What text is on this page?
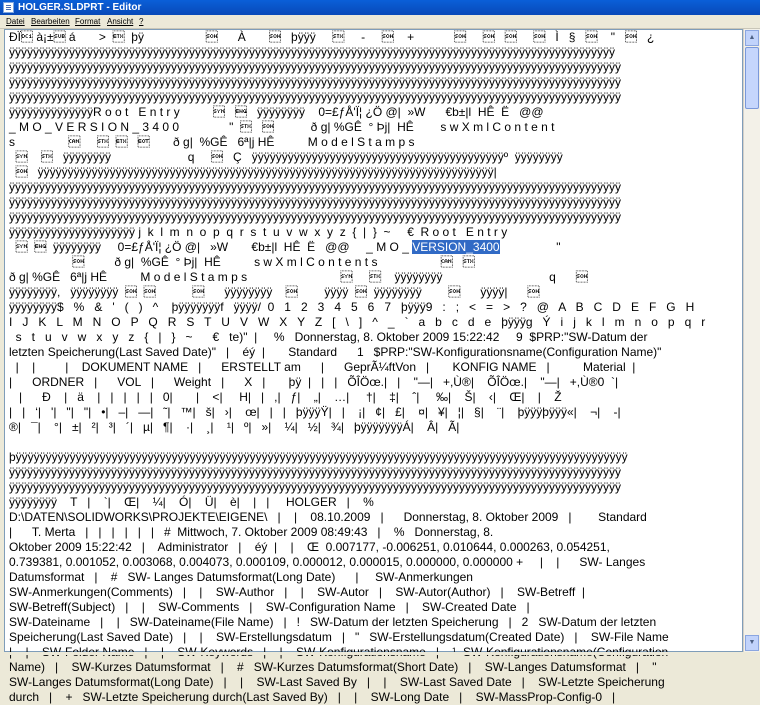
HOLGER.SLDPRT - Editor
Datei Bearbeiten Format Ansicht ?
ÐÏ à¡± á       >    þÿ	      À          þÿÿÿ          -         +                            Ì   §       "      ¿
ÿÿÿÿÿÿÿÿÿÿÿÿÿÿÿÿÿÿÿÿÿÿÿÿÿÿÿÿÿÿÿÿÿÿÿÿÿÿÿÿÿÿÿÿÿÿÿÿÿÿÿÿÿÿÿÿÿÿÿÿÿÿÿÿÿÿÿÿÿÿÿÿÿÿÿÿÿÿÿÿÿÿÿÿÿÿÿÿÿÿÿÿÿÿÿÿÿÿÿÿÿ
ÿÿÿÿÿÿÿÿÿÿÿÿÿÿÿÿÿÿÿÿÿÿÿÿÿÿÿÿÿÿÿÿÿÿÿÿÿÿÿÿÿÿÿÿÿÿÿÿÿÿÿÿÿÿÿÿÿÿÿÿÿÿÿÿÿÿÿÿÿÿÿÿÿÿÿÿÿÿÿÿÿÿÿÿÿÿÿÿÿÿÿÿÿÿÿÿÿÿÿÿÿÿ
ÿÿÿÿÿÿÿÿÿÿÿÿÿÿÿÿÿÿÿÿÿÿÿÿÿÿÿÿÿÿÿÿÿÿÿÿÿÿÿÿÿÿÿÿÿÿÿÿÿÿÿÿÿÿÿÿÿÿÿÿÿÿÿÿÿÿÿÿÿÿÿÿÿÿÿÿÿÿÿÿÿÿÿÿÿÿÿÿÿÿÿÿÿÿÿÿÿÿÿÿÿÿ
ÿÿÿÿÿÿÿÿÿÿÿÿÿÿÿÿÿÿÿÿÿÿÿÿÿÿÿÿÿÿÿÿÿÿÿÿÿÿÿÿÿÿÿÿÿÿÿÿÿÿÿÿÿÿÿÿÿÿÿÿÿÿÿÿÿÿÿÿÿÿÿÿÿÿÿÿÿÿÿÿÿÿÿÿÿÿÿÿÿÿÿÿÿÿÿÿÿÿÿÿÿÿ
ÿÿÿÿÿÿÿÿÿÿÿÿÿÿR o o t   E n t r y                ÿÿÿÿÿÿÿÿ    0=£ƒÅ'Ï¦ ¿Ö @|  »W      €b±|l  HÊ  Ë   @@
_ M O _ V E R S I O N _ 3 4 0 0               "                ð g| %GÊ  ° Þj|  HÊ        s w X m l C o n t e n t
s                                 ð g|  %GÊ   6ª|j HÊ          M o d e l S t a m p s
       ÿÿÿÿÿÿÿÿ                       q        Ç   ÿÿÿÿÿÿÿÿÿÿÿÿÿÿÿÿÿÿÿÿÿÿÿÿÿÿÿÿÿÿÿÿÿÿÿÿÿÿÿÿÿÿº  ÿÿÿÿÿÿÿÿ
   ÿÿÿÿÿÿÿÿÿÿÿÿÿÿÿÿÿÿÿÿÿÿÿÿÿÿÿÿÿÿÿÿÿÿÿÿÿÿÿÿÿÿÿÿÿÿÿÿÿÿÿÿÿÿÿÿÿÿÿÿÿÿÿÿÿÿÿÿÿÿÿÿÿÿÿÿ|
ÿÿÿÿÿÿÿÿÿÿÿÿÿÿÿÿÿÿÿÿÿÿÿÿÿÿÿÿÿÿÿÿÿÿÿÿÿÿÿÿÿÿÿÿÿÿÿÿÿÿÿÿÿÿÿÿÿÿÿÿÿÿÿÿÿÿÿÿÿÿÿÿÿÿÿÿÿÿÿÿÿÿÿÿÿÿÿÿÿÿÿÿÿÿÿÿÿÿÿÿÿÿ
ÿÿÿÿÿÿÿÿÿÿÿÿÿÿÿÿÿÿÿÿÿÿÿÿÿÿÿÿÿÿÿÿÿÿÿÿÿÿÿÿÿÿÿÿÿÿÿÿÿÿÿÿÿÿÿÿÿÿÿÿÿÿÿÿÿÿÿÿÿÿÿÿÿÿÿÿÿÿÿÿÿÿÿÿÿÿÿÿÿÿÿÿÿÿÿÿÿÿÿÿÿÿ
ÿÿÿÿÿÿÿÿÿÿÿÿÿÿÿÿÿÿÿÿÿÿÿÿÿÿÿÿÿÿÿÿÿÿÿÿÿÿÿÿÿÿÿÿÿÿÿÿÿÿÿÿÿÿÿÿÿÿÿÿÿÿÿÿÿÿÿÿÿÿÿÿÿÿÿÿÿÿÿÿÿÿÿÿÿÿÿÿÿÿÿÿÿÿÿÿÿÿÿÿÿÿ
ÿÿÿÿÿÿÿÿÿÿÿÿÿÿÿÿÿÿÿÿÿ j  k  l  m  n  o  p  q  r  s  t  u  v  w  x  y  z  {  |  }  ~     €  R o o t   E n t r y
    ÿÿÿÿÿÿÿÿ     0=£ƒÅ'Ï¦ ¿Ö @|   »W       €b±|l  HÊ  Ë   @@     _ M O _ VERSION_3400                 "
         ð g|  %GÊ  ° Þj|  HÊ          s w X m l C o n t e n t s                      
ð g| %GÊ   6ª|j HÊ          M o d e l S t a m p s                                     ÿÿÿÿÿÿÿÿ                                q      
ÿÿÿÿÿÿÿÿ,   ÿÿÿÿÿÿÿÿ                     ÿÿÿÿÿÿÿÿ            ÿÿÿÿ    ÿÿÿÿÿÿÿÿ              ÿÿÿÿ|      
ÿÿÿÿÿÿÿÿ$   %   &   '   (   )   ^    þÿÿÿÿÿÿÿf   ÿÿÿÿ/  0   1   2   3   4   5   6   7   þÿÿÿ9   :   ;   <   =   >   ?   @   A   B   C   D   E   F   G   H
I   J   K   L   M   N   O   P   Q   R   S   T   U   V   W   X   Y   Z   [   \   ]   ^   _   `   a   b   c   d   e   þÿÿÿg   Ý   i   j   k   l   m   n   o   p   q   r
s   t   u   v   w   x   y   z   {   |   }   ~      €   te)"  |     %   Donnerstag, 8. Oktober 2009 15:22:42     9  $PRP:"SW-Datum der
letzten Speicherung(Last Saved Date)"   |    éý  |       Standard      1   $PRP:"SW-Konfigurationsname(Configuration Name)"
|    |         |    DOKUMENT NAME   |      ERSTELLT am      |      GeprÃ¼ftVon   |       KONFIG NAME   |          Material  |
|      ORDNER   |      VOL   |      Weight   |      X   |       þÿ  |   |   |   ÕÎÖœ.|   |    "—|   +,Ù®|    ÕÎÖœ.|    "—|   +,Ù®0  `|
|      Ð    |   ä    |   |   |   |   |   0|       |    <|     H|   |   ,|   ƒ|    „|    …|     †|    ‡|    ˆ|     ‰|    Š|    ‹|    Œ|    |    Ž
|   |   ‘|   '|   "|   "|   •|   –|   —|   ˜|   ™|   š|   ›|    œ|   |   |   þÿÿÿŸ|   |    ¡|   ¢|   £|    ¤|   ¥|   ¦|   §|    ¨|    þÿÿÿþÿÿÿ«|    ¬|    -|
®|   ¯|    °|   ±|   ²|   ³|   ´|   µ|   ¶|    ·|    ¸|    ¹|   º|   »|    ¼|   ½|   ¾|   þÿÿÿÿÿÿÿÁ|    Â|   Ã|

þÿÿÿÿÿÿÿÿÿÿÿÿÿÿÿÿÿÿÿÿÿÿÿÿÿÿÿÿÿÿÿÿÿÿÿÿÿÿÿÿÿÿÿÿÿÿÿÿÿÿÿÿÿÿÿÿÿÿÿÿÿÿÿÿÿÿÿÿÿÿÿÿÿÿÿÿÿÿÿÿÿÿÿÿÿÿÿÿÿÿÿÿÿÿÿÿÿÿÿÿÿÿ
ÿÿÿÿÿÿÿÿÿÿÿÿÿÿÿÿÿÿÿÿÿÿÿÿÿÿÿÿÿÿÿÿÿÿÿÿÿÿÿÿÿÿÿÿÿÿÿÿÿÿÿÿÿÿÿÿÿÿÿÿÿÿÿÿÿÿÿÿÿÿÿÿÿÿÿÿÿÿÿÿÿÿÿÿÿÿÿÿÿÿÿÿÿÿÿÿÿÿÿÿÿÿ
ÿÿÿÿÿÿÿÿÿÿÿÿÿÿÿÿÿÿÿÿÿÿÿÿÿÿÿÿÿÿÿÿÿÿÿÿÿÿÿÿÿÿÿÿÿÿÿÿÿÿÿÿÿÿÿÿÿÿÿÿÿÿÿÿÿÿÿÿÿÿÿÿÿÿÿÿÿÿÿÿÿÿÿÿÿÿÿÿÿÿÿÿÿÿÿÿÿÿÿÿÿÿ
ÿÿÿÿÿÿÿÿ    T   |    `|    Œ|    ¼|    Ó|    Ü|    è|    |   |     HOLGER   |    %
D:\DATEN\SOLIDWORKS\PROJEKTE\EIGENE\   |    |    08.10.2009   |      Donnerstag, 8. Oktober 2009   |        Standard
|      T. Merta   |   |   |   |   |   |   #  Mittwoch, 7. Oktober 2009 08:49:43   |    %   Donnerstag, 8.
Oktober 2009 15:22:42   |    Administrator   |    éý  |    |    Œ  0.007177, -0.006251, 0.010644, 0.000263, 0.054251,
0.739381, 0.001052, 0.003068, 0.004073, 0.000109, 0.000012, 0.000015, 0.000000, 0.000000 +     |    |      SW- Langes
Datumsformat   |    #   SW- Langes Datumsformat(Long Date)      |     SW-Anmerkungen
SW-Anmerkungen(Comments)   |    |    SW-Author   |    |    SW-Autor   |    SW-Autor(Author)   |    SW-Betreff  |
SW-Betreff(Subject)   |    |    SW-Comments   |    SW-Configuration Name   |    SW-Created Date   |
SW-Dateiname   |    |   SW-Dateiname(File Name)   |   !   SW-Datum der letzten Speicherung   |   2   SW-Datum der letzten
Speicherung(Last Saved Date)   |    |    SW-Erstellungsdatum   |   "   SW-Erstellungsdatum(Created Date)   |    SW-File Name

Name)   |    SW-Kurzes Datumsformat   |    #   SW-Kurzes Datumsformat(Short Date)   |    SW-Langes Datumsformat   |    "
SW-Langes Datumsformat(Long Date)   |    |    SW-Last Saved By   |    |    SW-Last Saved Date   |    SW-Letzte Speicherung
durch   |    +   SW-Letzte Speicherung durch(Last Saved By)   |    |    SW-Long Date   |    SW-MassProp-Config-0   |

▲
▼
